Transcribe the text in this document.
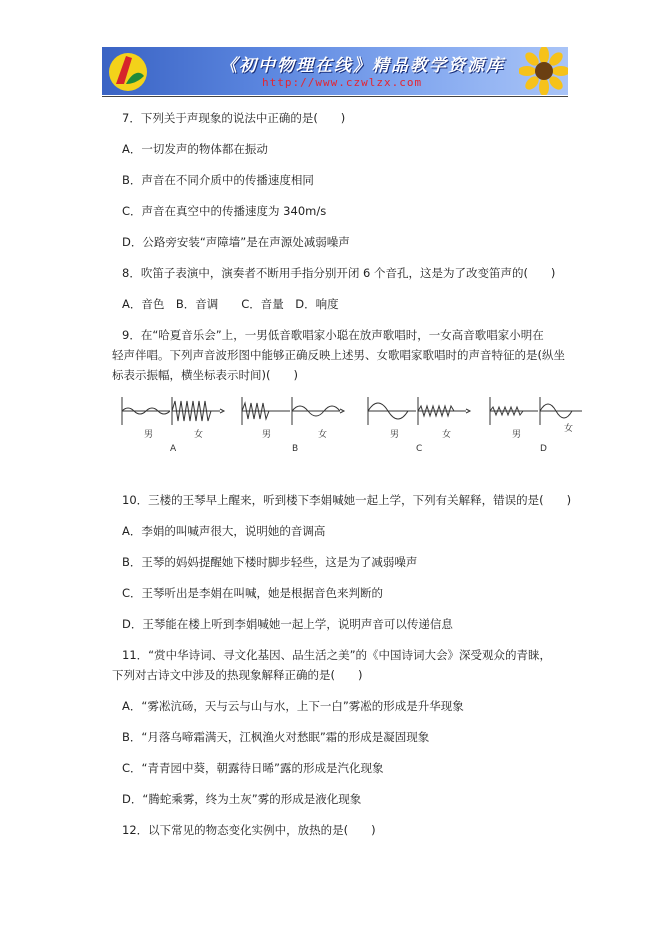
《初中物理在线》精品教学资源库
http://www.czwlzx.com
7．下列关于声现象的说法中正确的是(　　)
A．一切发声的物体都在振动
B．声音在不同介质中的传播速度相同
C．声音在真空中的传播速度为 340m/s
D．公路旁安装“声障墙”是在声源处减弱噪声
8．吹笛子表演中，演奏者不断用手指分别开闭 6 个音孔，这是为了改变笛声的(　　)
A．音色　B．音调　　C．音量　D．响度
9．在“哈夏音乐会”上，一男低音歌唱家小聪在放声歌唱时，一女高音歌唱家小明在
轻声伴唱。下列声音波形图中能够正确反映上述男、女歌唱家歌唱时的声音特征的是(纵坐
标表示振幅，横坐标表示时间)(　　)
男	女
A
男	女
B
男	女
C
男
女
D
10．三楼的王琴早上醒来，听到楼下李娟喊她一起上学，下列有关解释，错误的是(　　)
A．李娟的叫喊声很大，说明她的音调高
B．王琴的妈妈提醒她下楼时脚步轻些，这是为了减弱噪声
C．王琴听出是李娟在叫喊，她是根据音色来判断的
D．王琴能在楼上听到李娟喊她一起上学，说明声音可以传递信息
11．“赏中华诗词、寻文化基因、品生活之美”的《中国诗词大会》深受观众的青睐，
下列对古诗文中涉及的热现象解释正确的是(　　)
A．“雾凇沆砀，天与云与山与水，上下一白”雾凇的形成是升华现象
B．“月落乌啼霜满天，江枫渔火对愁眠”霜的形成是凝固现象
C．“青青园中葵，朝露待日晞”露的形成是汽化现象
D．“腾蛇乘雾，终为土灰”雾的形成是液化现象
12．以下常见的物态变化实例中，放热的是(　　)
